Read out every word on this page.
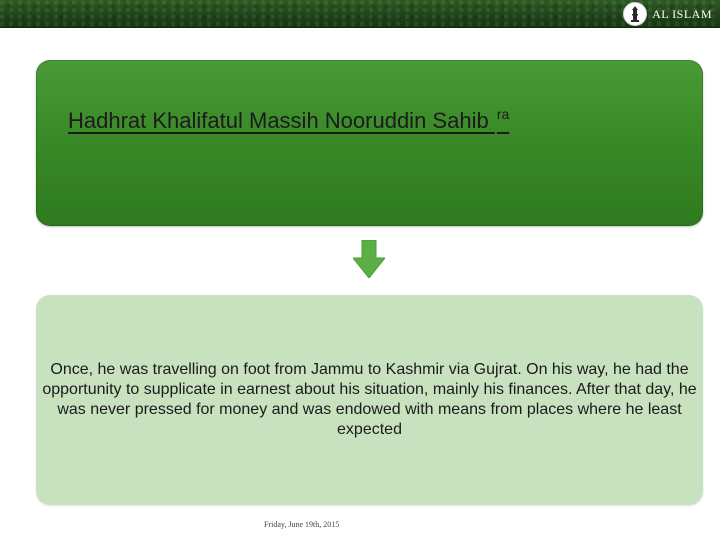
AL ISLAM
Hadhrat Khalifatul Massih Nooruddin Sahib $^{ra}$
Once, he was travelling on foot from Jammu to Kashmir via Gujrat. On his way, he had the opportunity to supplicate in earnest about his situation, mainly his finances. After that day, he was never pressed for money and was endowed with means from places where he least expected
Friday, June 19th, 2015
